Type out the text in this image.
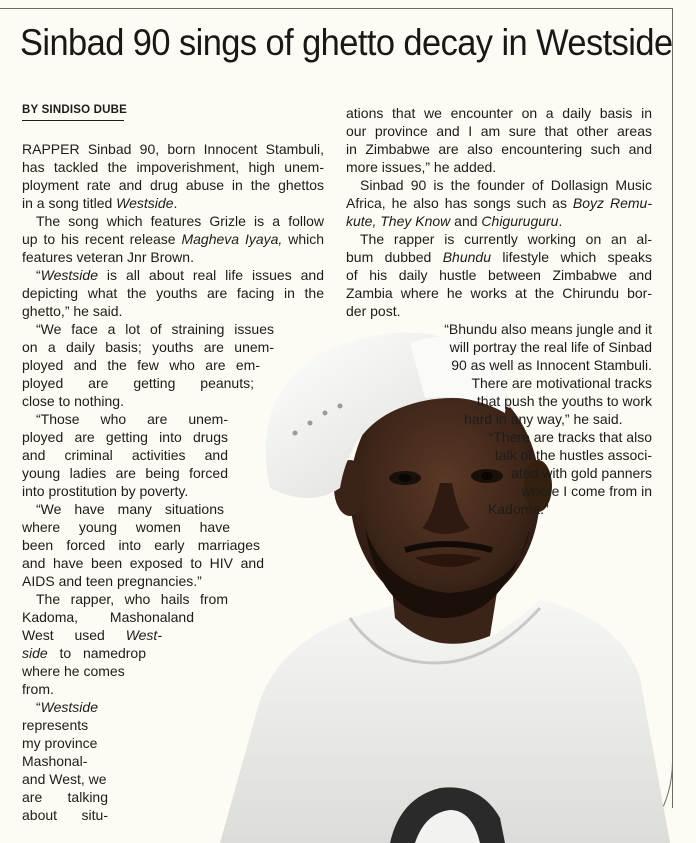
Sinbad 90 sings of ghetto decay in Westside
BY SINDISO DUBE

RAPPER Sinbad 90, born Innocent Stambuli,
has tackled the impoverishment, high unem-
ployment rate and drug abuse in the ghettos
in a song titled Westside.

The song which features Grizle is a follow
up to his recent release Magheva Iyaya, which
features veteran Jnr Brown.

“Westside is all about real life issues and
depicting what the youths are facing in the
ghetto,” he said.

“We face a lot of straining issues
on a daily basis; youths are unem-
ployed and the few who are em-
ployed are getting peanuts;
close to nothing.

“Those who are unem-
ployed are getting into drugs
and criminal activities and
young ladies are being forced
into prostitution by poverty.

“We have many situations
where young women have
been forced into early marriages
and have been exposed to HIV and
AIDS and teen pregnancies.”

The rapper, who hails from
Kadoma, Mashonaland
West used West-
side to namedrop
where he comes
from.

“Westside
represents
my province
Mashonal-
and West, we
are talking
about situ-

ations that we encounter on a daily basis in
our province and I am sure that other areas
in Zimbabwe are also encountering such and
more issues,” he added.

Sinbad 90 is the founder of Dollasign Music
Africa, he also has songs such as Boyz Remu-
kute, They Know and Chiguruguru.

The rapper is currently working on an al-
bum dubbed Bhundu lifestyle which speaks
of his daily hustle between Zimbabwe and
Zambia where he works at the Chirundu bor-
der post.

“Bhundu also means jungle and it
will portray the real life of Sinbad
90 as well as Innocent Stambuli.
There are motivational tracks
that push the youths to work
hard in any way,” he said.

“There are tracks that also
talk of the hustles associ-
ated with gold panners
where I come from in
Kadoma.”
